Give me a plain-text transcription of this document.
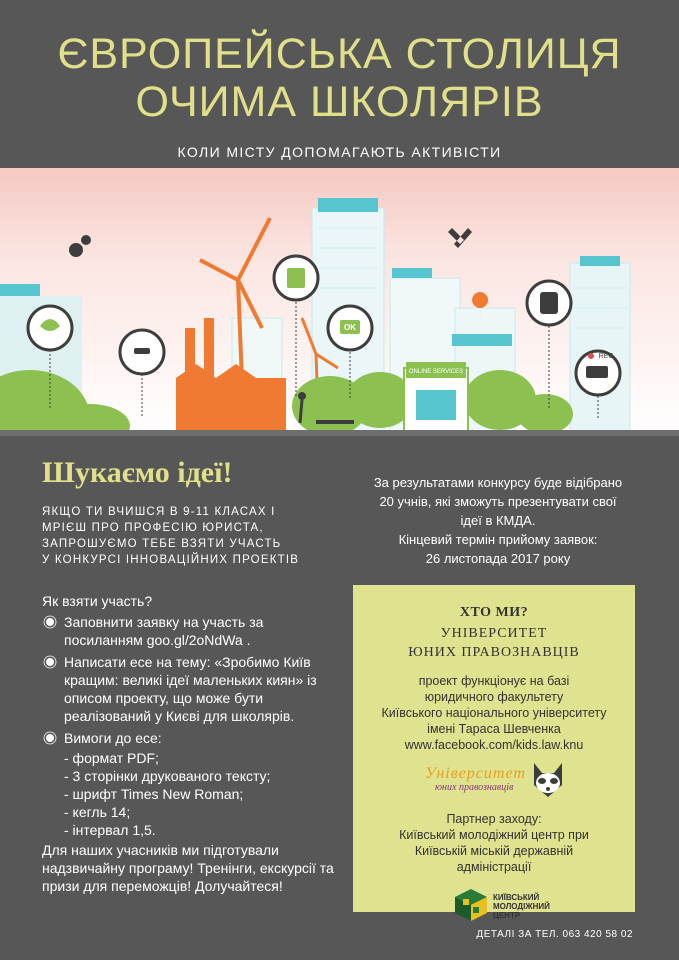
ЄВРОПЕЙСЬКА СТОЛИЦЯ
ОЧИМА ШКОЛЯРІВ
КОЛИ МІСТУ ДОПОМАГАЮТЬ АКТИВІСТИ
ONLINE SERVICES
OK
REC
Шукаємо ідеї!
ЯКЩО ТИ ВЧИШСЯ В 9-11 КЛАСАХ І
МРІЄШ ПРО ПРОФЕСІЮ ЮРИСТА,
ЗАПРОШУЄМО ТЕБЕ ВЗЯТИ УЧАСТЬ
У КОНКУРСІ ІННОВАЦІЙНИХ ПРОЕКТІВ
Як взяти участь?
Заповнити заявку на участь за посиланням goo.gl/2oNdWa .
Написати есе на тему: «Зробимо Київ кращим: великі ідеї маленьких киян» із описом проекту, що може бути реалізований у Києві для школярів.
Вимоги до есе:
- формат PDF;
- 3 сторінки друкованого тексту;
- шрифт Times New Roman;
- кегль 14;
- інтервал 1,5.
Для наших учасників ми підготували надзвичайну програму! Тренінги, екскурсії та призи для переможців! Долучайтеся!
За результатами конкурсу буде відібрано
20 учнів, які зможуть презентувати свої
ідеї в КМДА.
Кінцевий термін прийому заявок:
26 листопада 2017 року
ХТО МИ?
УНІВЕРСИТЕТ
ЮНИХ ПРАВОЗНАВЦІВ
проект функціонує на базі
юридичного факультету
Київського національного університету
імені Тараса Шевченка
www.facebook.com/kids.law.knu
Університет
юних правознавців
Партнер заходу:
Київський молодіжний центр при
Київській міській державній
адміністрації
КИЇВСЬКИЙ
МОЛОДІЖНИЙ
ЦЕНТР
ДЕТАЛІ ЗА ТЕЛ. 063 420 58 02
